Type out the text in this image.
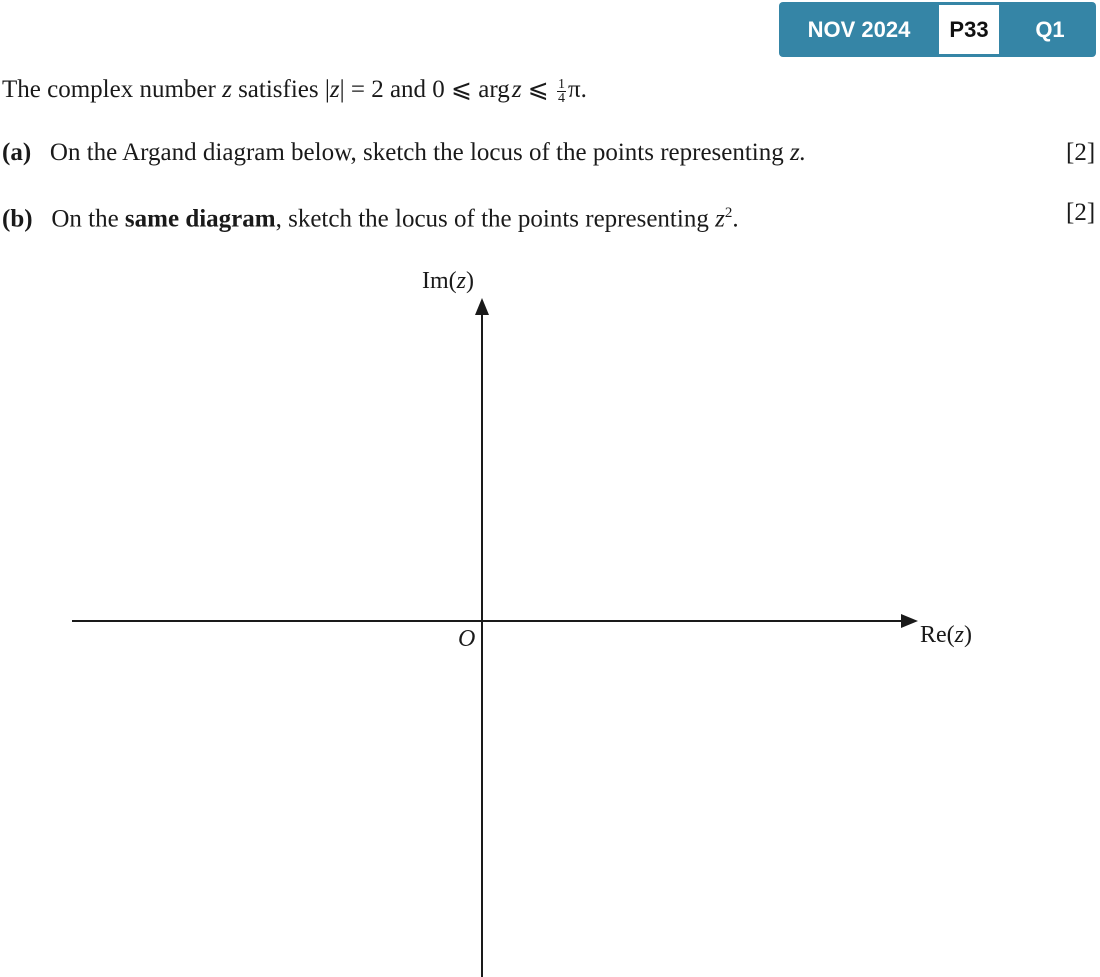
NOV 2024	P33	Q1
The complex number z satisfies |z| = 2 and 0 ⩽ arg z ⩽ $\frac{1}{4} \pi$.
(a) On the Argand diagram below, sketch the locus of the points representing z.	[2]
(b) On the same diagram, sketch the locus of the points representing $z^2$.	[2]
Im(z)
Re(z)
O
